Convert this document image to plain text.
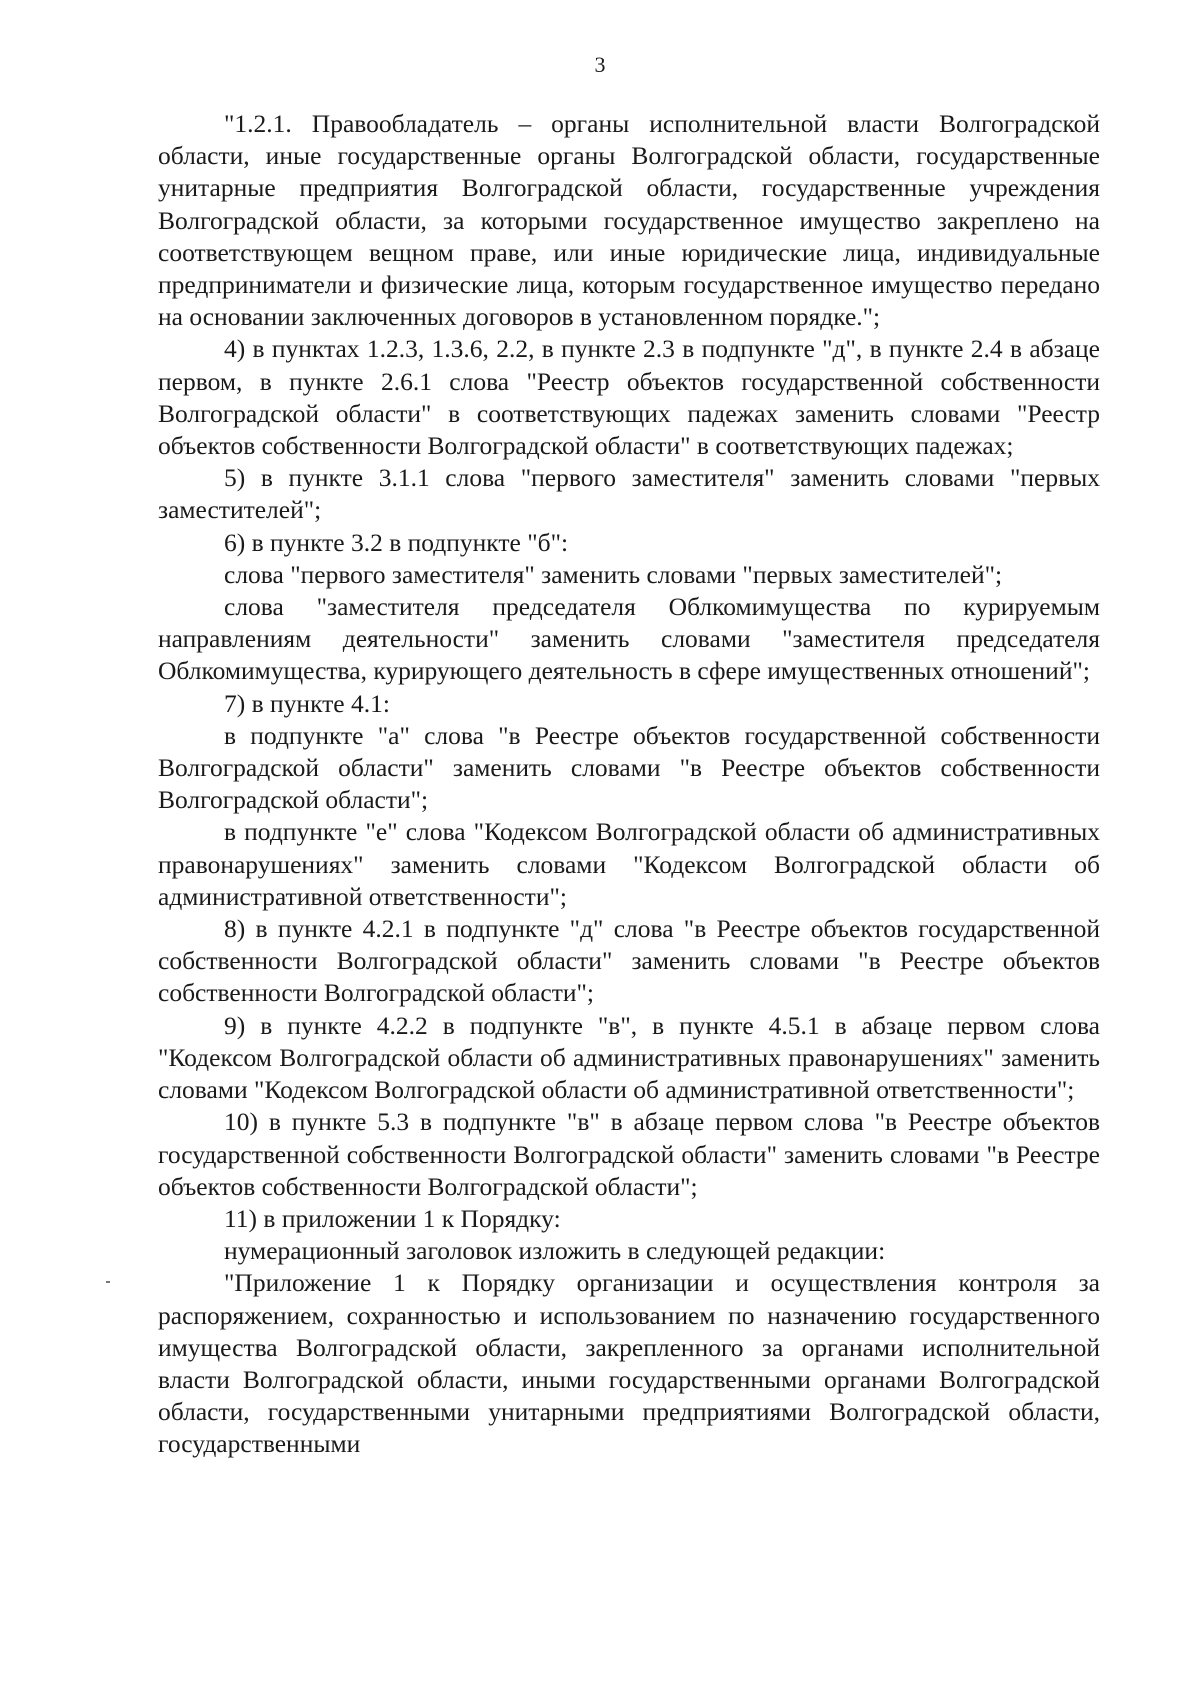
3

"1.2.1. Правообладатель – органы исполнительной власти Волгоградской области, иные государственные органы Волгоградской области, государственные унитарные предприятия Волгоградской области, государственные учреждения Волгоградской области, за которыми государственное имущество закреплено на соответствующем вещном праве, или иные юридические лица, индивидуальные предприниматели и физические лица, которым государственное имущество передано на основании заключенных договоров в установленном порядке.";

4) в пунктах 1.2.3, 1.3.6, 2.2, в пункте 2.3 в подпункте "д", в пункте 2.4 в абзаце первом, в пункте 2.6.1 слова "Реестр объектов государственной собственности Волгоградской области" в соответствующих падежах заменить словами "Реестр объектов собственности Волгоградской области" в соответствующих падежах;

5) в пункте 3.1.1 слова "первого заместителя" заменить словами "первых заместителей";

6) в пункте 3.2 в подпункте "б":

слова "первого заместителя" заменить словами "первых заместителей";

слова "заместителя председателя Облкомимущества по курируемым направлениям деятельности" заменить словами "заместителя председателя Облкомимущества, курирующего деятельность в сфере имущественных отношений";

7) в пункте 4.1:

в подпункте "а" слова "в Реестре объектов государственной собственности Волгоградской области" заменить словами "в Реестре объектов собственности Волгоградской области";

в подпункте "е" слова "Кодексом Волгоградской области об административных правонарушениях" заменить словами "Кодексом Волгоградской области об административной ответственности";

8) в пункте 4.2.1 в подпункте "д" слова "в Реестре объектов государственной собственности Волгоградской области" заменить словами "в Реестре объектов собственности Волгоградской области";

9) в пункте 4.2.2 в подпункте "в", в пункте 4.5.1 в абзаце первом слова "Кодексом Волгоградской области об административных правонарушениях" заменить словами "Кодексом Волгоградской области об административной ответственности";

10) в пункте 5.3 в подпункте "в" в абзаце первом слова "в Реестре объектов государственной собственности Волгоградской области" заменить словами "в Реестре объектов собственности Волгоградской области";

11) в приложении 1 к Порядку:

нумерационный заголовок изложить в следующей редакции:

"Приложение 1 к Порядку организации и осуществления контроля за распоряжением, сохранностью и использованием по назначению государственного имущества Волгоградской области, закрепленного за органами исполнительной власти Волгоградской области, иными государственными органами Волгоградской области, государственными унитарными предприятиями Волгоградской области, государственными
